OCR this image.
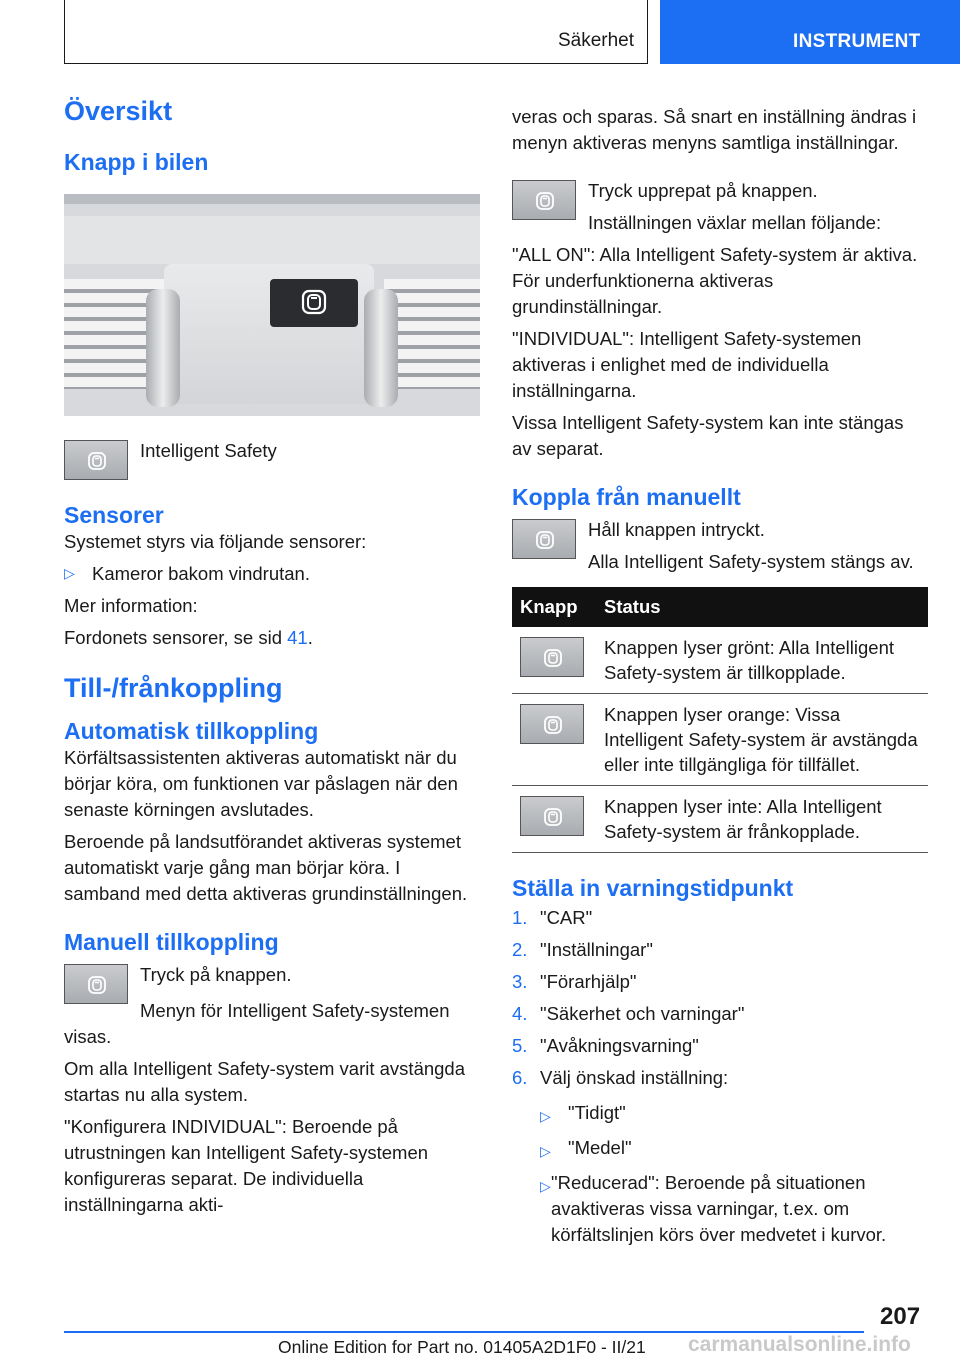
Säkerhet	INSTRUMENT
Översikt
Knapp i bilen

Intelligent Safety

Sensorer

Systemet styrs via följande sensorer:

▷ Kameror bakom vindrutan.

Mer information:

Fordonets sensorer, se sid 41.

Till-/frånkoppling
Automatisk tillkoppling

Körfältsassistenten aktiveras automatiskt när du börjar köra, om funktionen var påslagen när den senaste körningen avslutades.

Beroende på landsutförandet aktiveras systemet automatiskt varje gång man börjar köra. I samband med detta aktiveras grundinställningen.

Manuell tillkoppling

Tryck på knappen.

Menyn för Intelligent Safety-systemen visas.

Om alla Intelligent Safety-system varit avstängda startas nu alla system.

"Konfigurera INDIVIDUAL": Beroende på utrustningen kan Intelligent Safety-systemen konfigureras separat. De individuella inställningarna akti-

veras och sparas. Så snart en inställning ändras i menyn aktiveras menyns samtliga inställningar.

Tryck upprepat på knappen.

Inställningen växlar mellan följande:

"ALL ON": Alla Intelligent Safety-system är aktiva. För underfunktionerna aktiveras grundinställningar.

"INDIVIDUAL": Intelligent Safety-systemen aktiveras i enlighet med de individuella inställningarna.

Vissa Intelligent Safety-system kan inte stängas av separat.

Koppla från manuellt

Håll knappen intryckt.

Alla Intelligent Safety-system stängs av.

Knapp	Status

	Knappen lyser grönt: Alla Intelligent Safety-system är tillkopplade.

	Knappen lyser orange: Vissa Intelligent Safety-system är avstängda eller inte tillgängliga för tillfället.

	Knappen lyser inte: Alla Intelligent Safety-system är frånkopplade.
Ställa in varningstidpunkt
1. "CAR"
2. "Inställningar"
3. "Förarhjälp"
4. "Säkerhet och varningar"
5. "Avåkningsvarning"
6. Välj önskad inställning:
▷ "Tidigt"
▷ "Medel"
▷ "Reducerad": Beroende på situationen avaktiveras vissa varningar, t.ex. om körfältslinjen körs över medvetet i kurvor.
207
Online Edition for Part no. 01405A2D1F0 - II/21 carmanualsonline.info
